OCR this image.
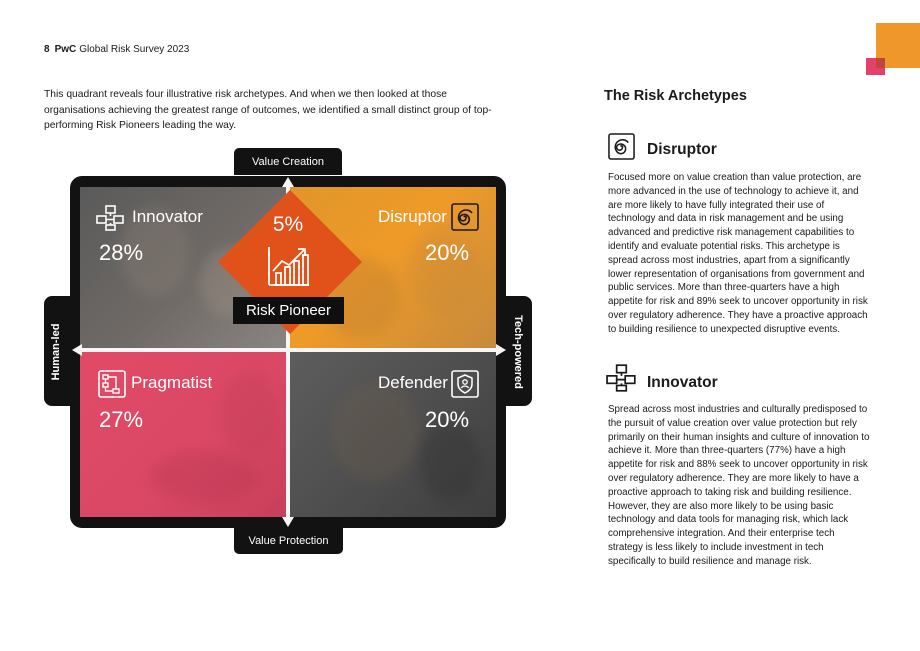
8 PwC Global Risk Survey 2023

This quadrant reveals four illustrative risk archetypes. And when we then looked at those organisations achieving the greatest range of outcomes, we identified a small distinct group of top-performing Risk Pioneers leading the way.

Value Creation
Value Protection
Human-led	Tech-powered
Innovator
28%
Disruptor
20%
Pragmatist
27%
Defender
20%
5%
Risk Pioneer
The Risk Archetypes
Disruptor

Focused more on value creation than value protection, are more advanced in the use of technology to achieve it, and are more likely to have fully integrated their use of technology and data in risk management and be using advanced and predictive risk management capabilities to identify and evaluate potential risks. This archetype is spread across most industries, apart from a significantly lower representation of organisations from government and public services. More than three-quarters have a high appetite for risk and 89% seek to uncover opportunity in risk over regulatory adherence. They have a proactive approach to building resilience to unexpected disruptive events.

Innovator

Spread across most industries and culturally predisposed to the pursuit of value creation over value protection but rely primarily on their human insights and culture of innovation to achieve it. More than three-quarters (77%) have a high appetite for risk and 88% seek to uncover opportunity in risk over regulatory adherence. They are more likely to have a proactive approach to taking risk and building resilience. However, they are also more likely to be using basic technology and data tools for managing risk, which lack comprehensive integration. And their enterprise tech strategy is less likely to include investment in tech specifically to build resilience and manage risk.
